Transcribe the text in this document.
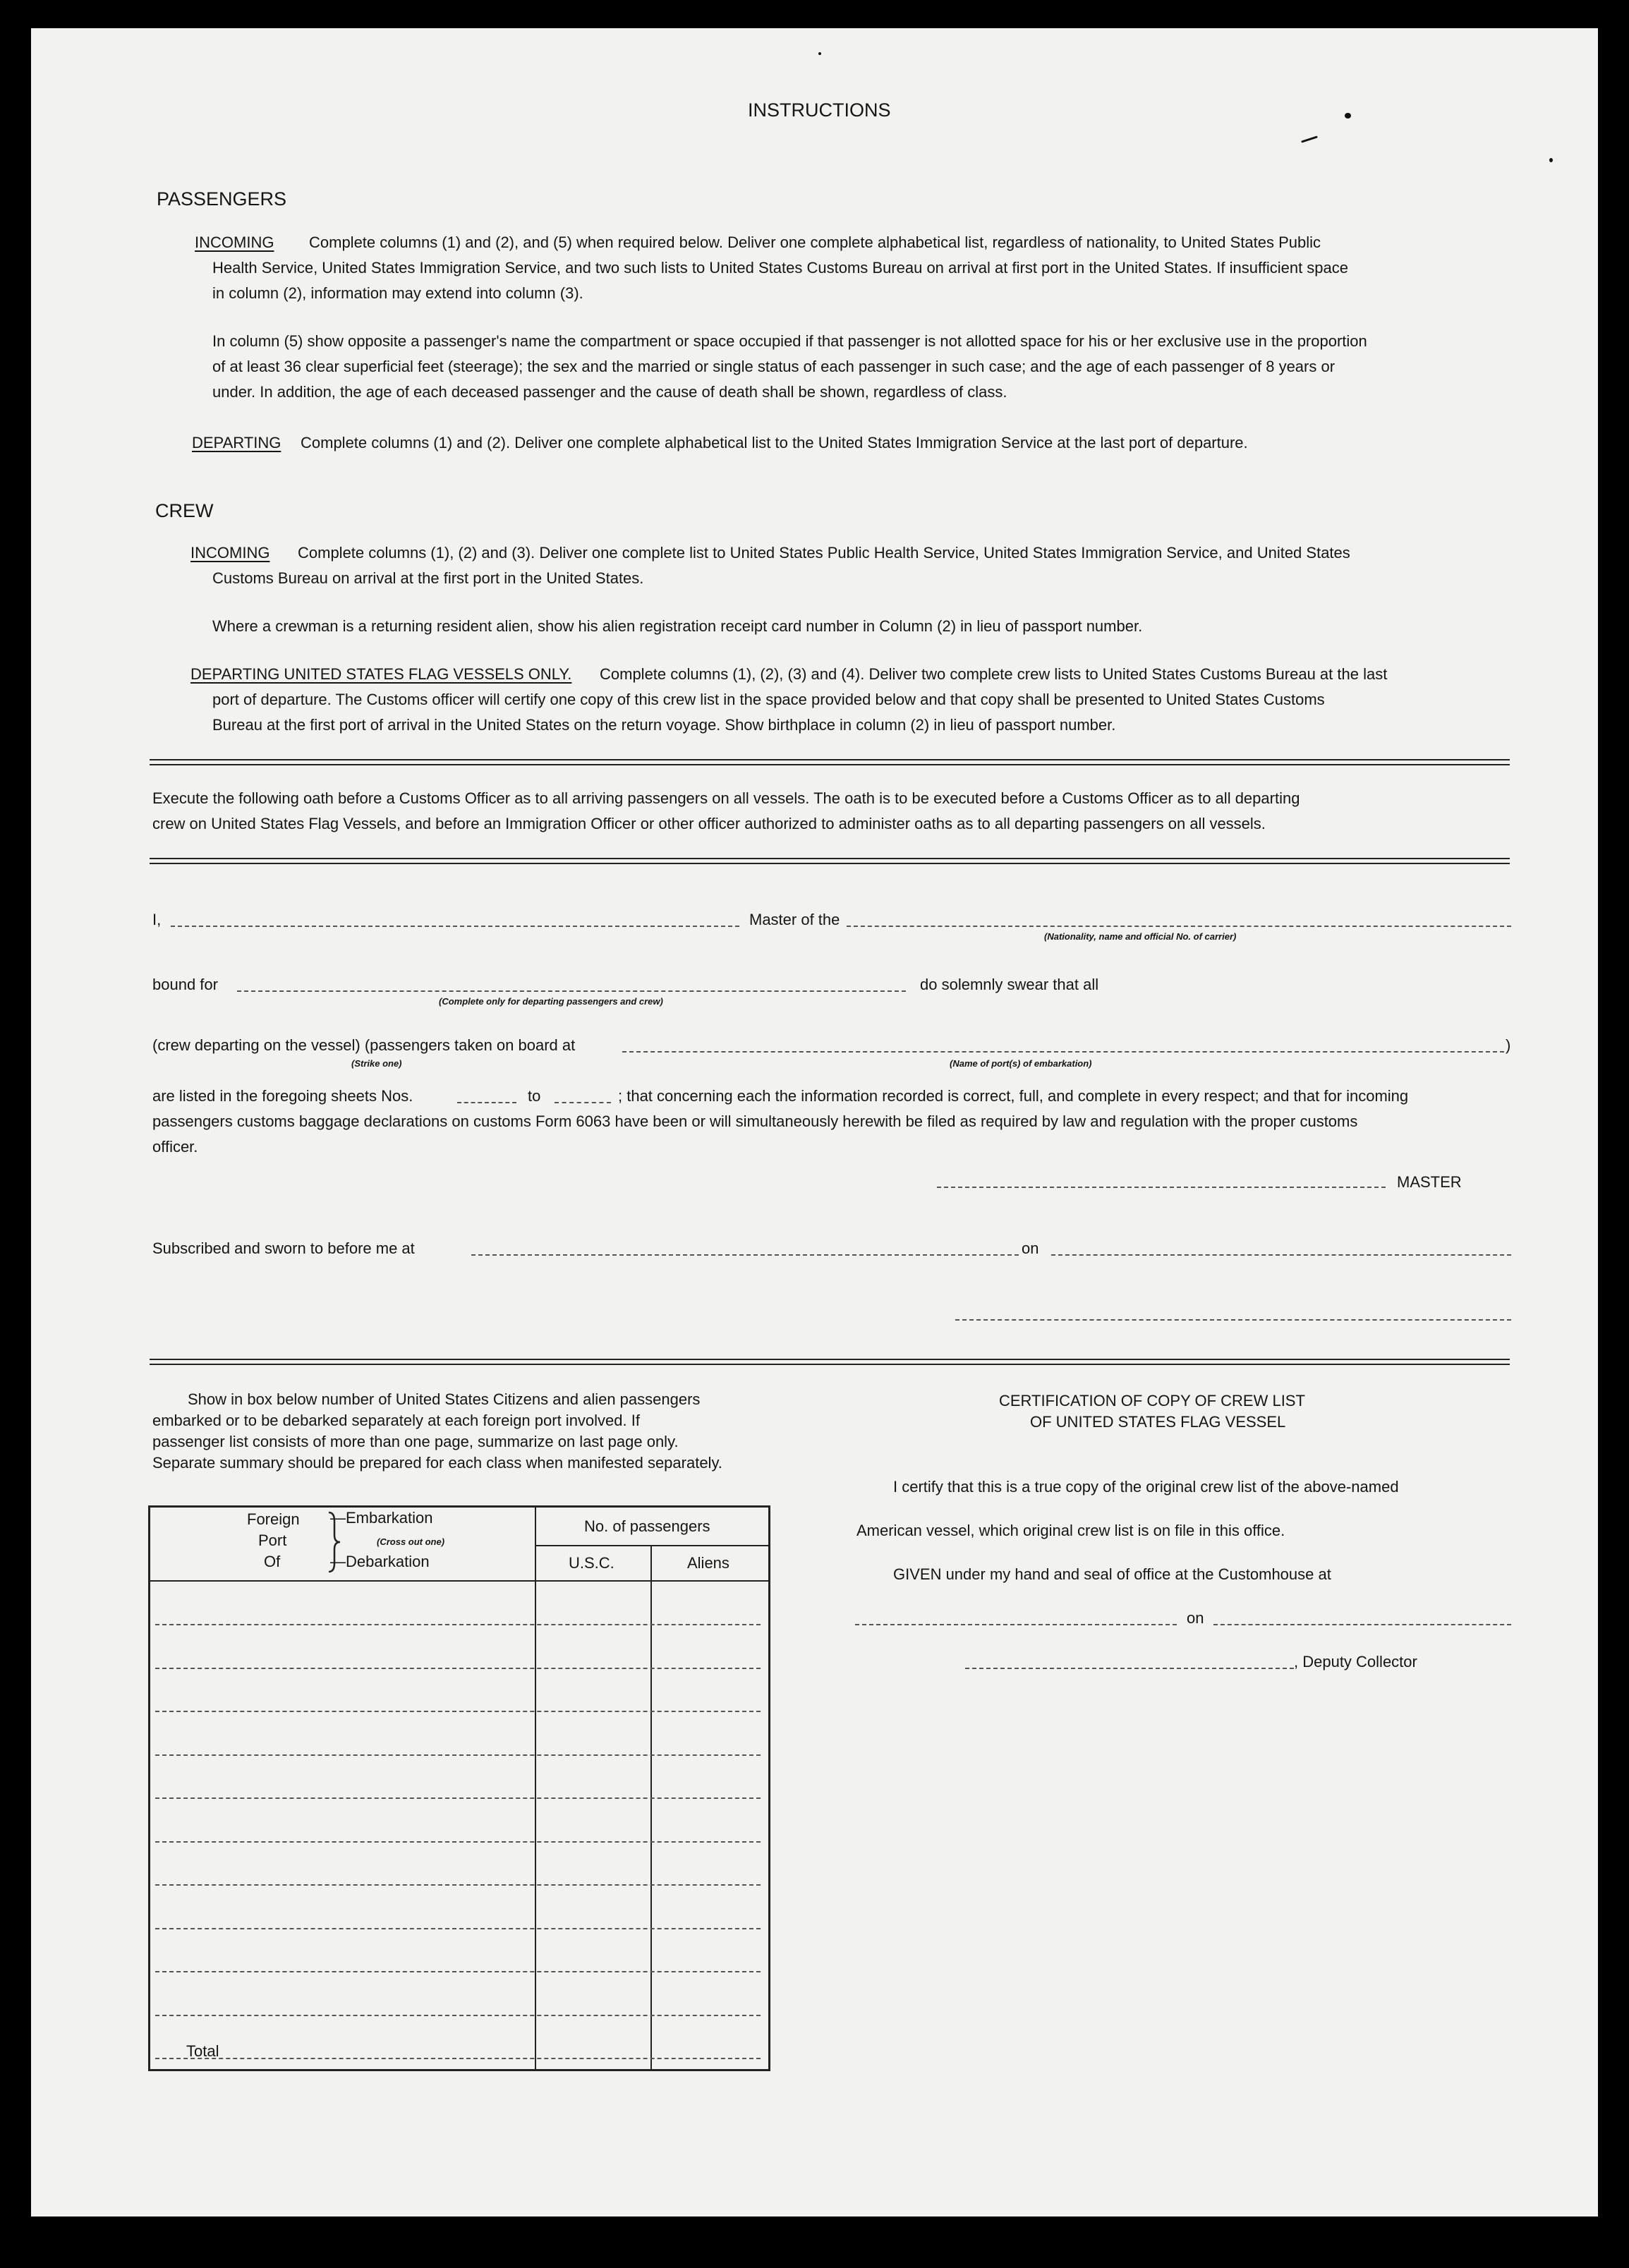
INSTRUCTIONS
PASSENGERS
INCOMING Complete columns (1) and (2), and (5) when required below. Deliver one complete alphabetical list, regardless of nationality, to United States Public
Health Service, United States Immigration Service, and two such lists to United States Customs Bureau on arrival at first port in the United States. If insufficient space
in column (2), information may extend into column (3).
In column (5) show opposite a passenger's name the compartment or space occupied if that passenger is not allotted space for his or her exclusive use in the proportion
of at least 36 clear superficial feet (steerage); the sex and the married or single status of each passenger in such case; and the age of each passenger of 8 years or
under. In addition, the age of each deceased passenger and the cause of death shall be shown, regardless of class.
DEPARTING Complete columns (1) and (2). Deliver one complete alphabetical list to the United States Immigration Service at the last port of departure.
CREW
INCOMING Complete columns (1), (2) and (3). Deliver one complete list to United States Public Health Service, United States Immigration Service, and United States
Customs Bureau on arrival at the first port in the United States.
Where a crewman is a returning resident alien, show his alien registration receipt card number in Column (2) in lieu of passport number.
DEPARTING UNITED STATES FLAG VESSELS ONLY. Complete columns (1), (2), (3) and (4). Deliver two complete crew lists to United States Customs Bureau at the last
port of departure. The Customs officer will certify one copy of this crew list in the space provided below and that copy shall be presented to United States Customs
Bureau at the first port of arrival in the United States on the return voyage. Show birthplace in column (2) in lieu of passport number.
Execute the following oath before a Customs Officer as to all arriving passengers on all vessels. The oath is to be executed before a Customs Officer as to all departing
crew on United States Flag Vessels, and before an Immigration Officer or other officer authorized to administer oaths as to all departing passengers on all vessels.
I,	Master of the
(Nationality, name and official No. of carrier)
bound for
(Complete only for departing passengers and crew)
do solemnly swear that all
(crew departing on the vessel) (passengers taken on board at	)
(Strike one)	(Name of port(s) of embarkation)
are listed in the foregoing sheets Nos.	to	; that concerning each the information recorded is correct, full, and complete in every respect; and that for incoming
passengers customs baggage declarations on customs Form 6063 have been or will simultaneously herewith be filed as required by law and regulation with the proper customs
officer.
MASTER
Subscribed and sworn to before me at	on
Show in box below number of United States Citizens and alien passengers
embarked or to be debarked separately at each foreign port involved. If
passenger list consists of more than one page, summarize on last page only.
Separate summary should be prepared for each class when manifested separately.
Foreign
Port
Of
—Embarkation
(Cross out one)
—Debarkation
No. of passengers
U.S.C.	Aliens
Total
CERTIFICATION OF COPY OF CREW LIST
OF UNITED STATES FLAG VESSEL
I certify that this is a true copy of the original crew list of the above-named
American vessel, which original crew list is on file in this office.
GIVEN under my hand and seal of office at the Customhouse at
on
, Deputy Collector
